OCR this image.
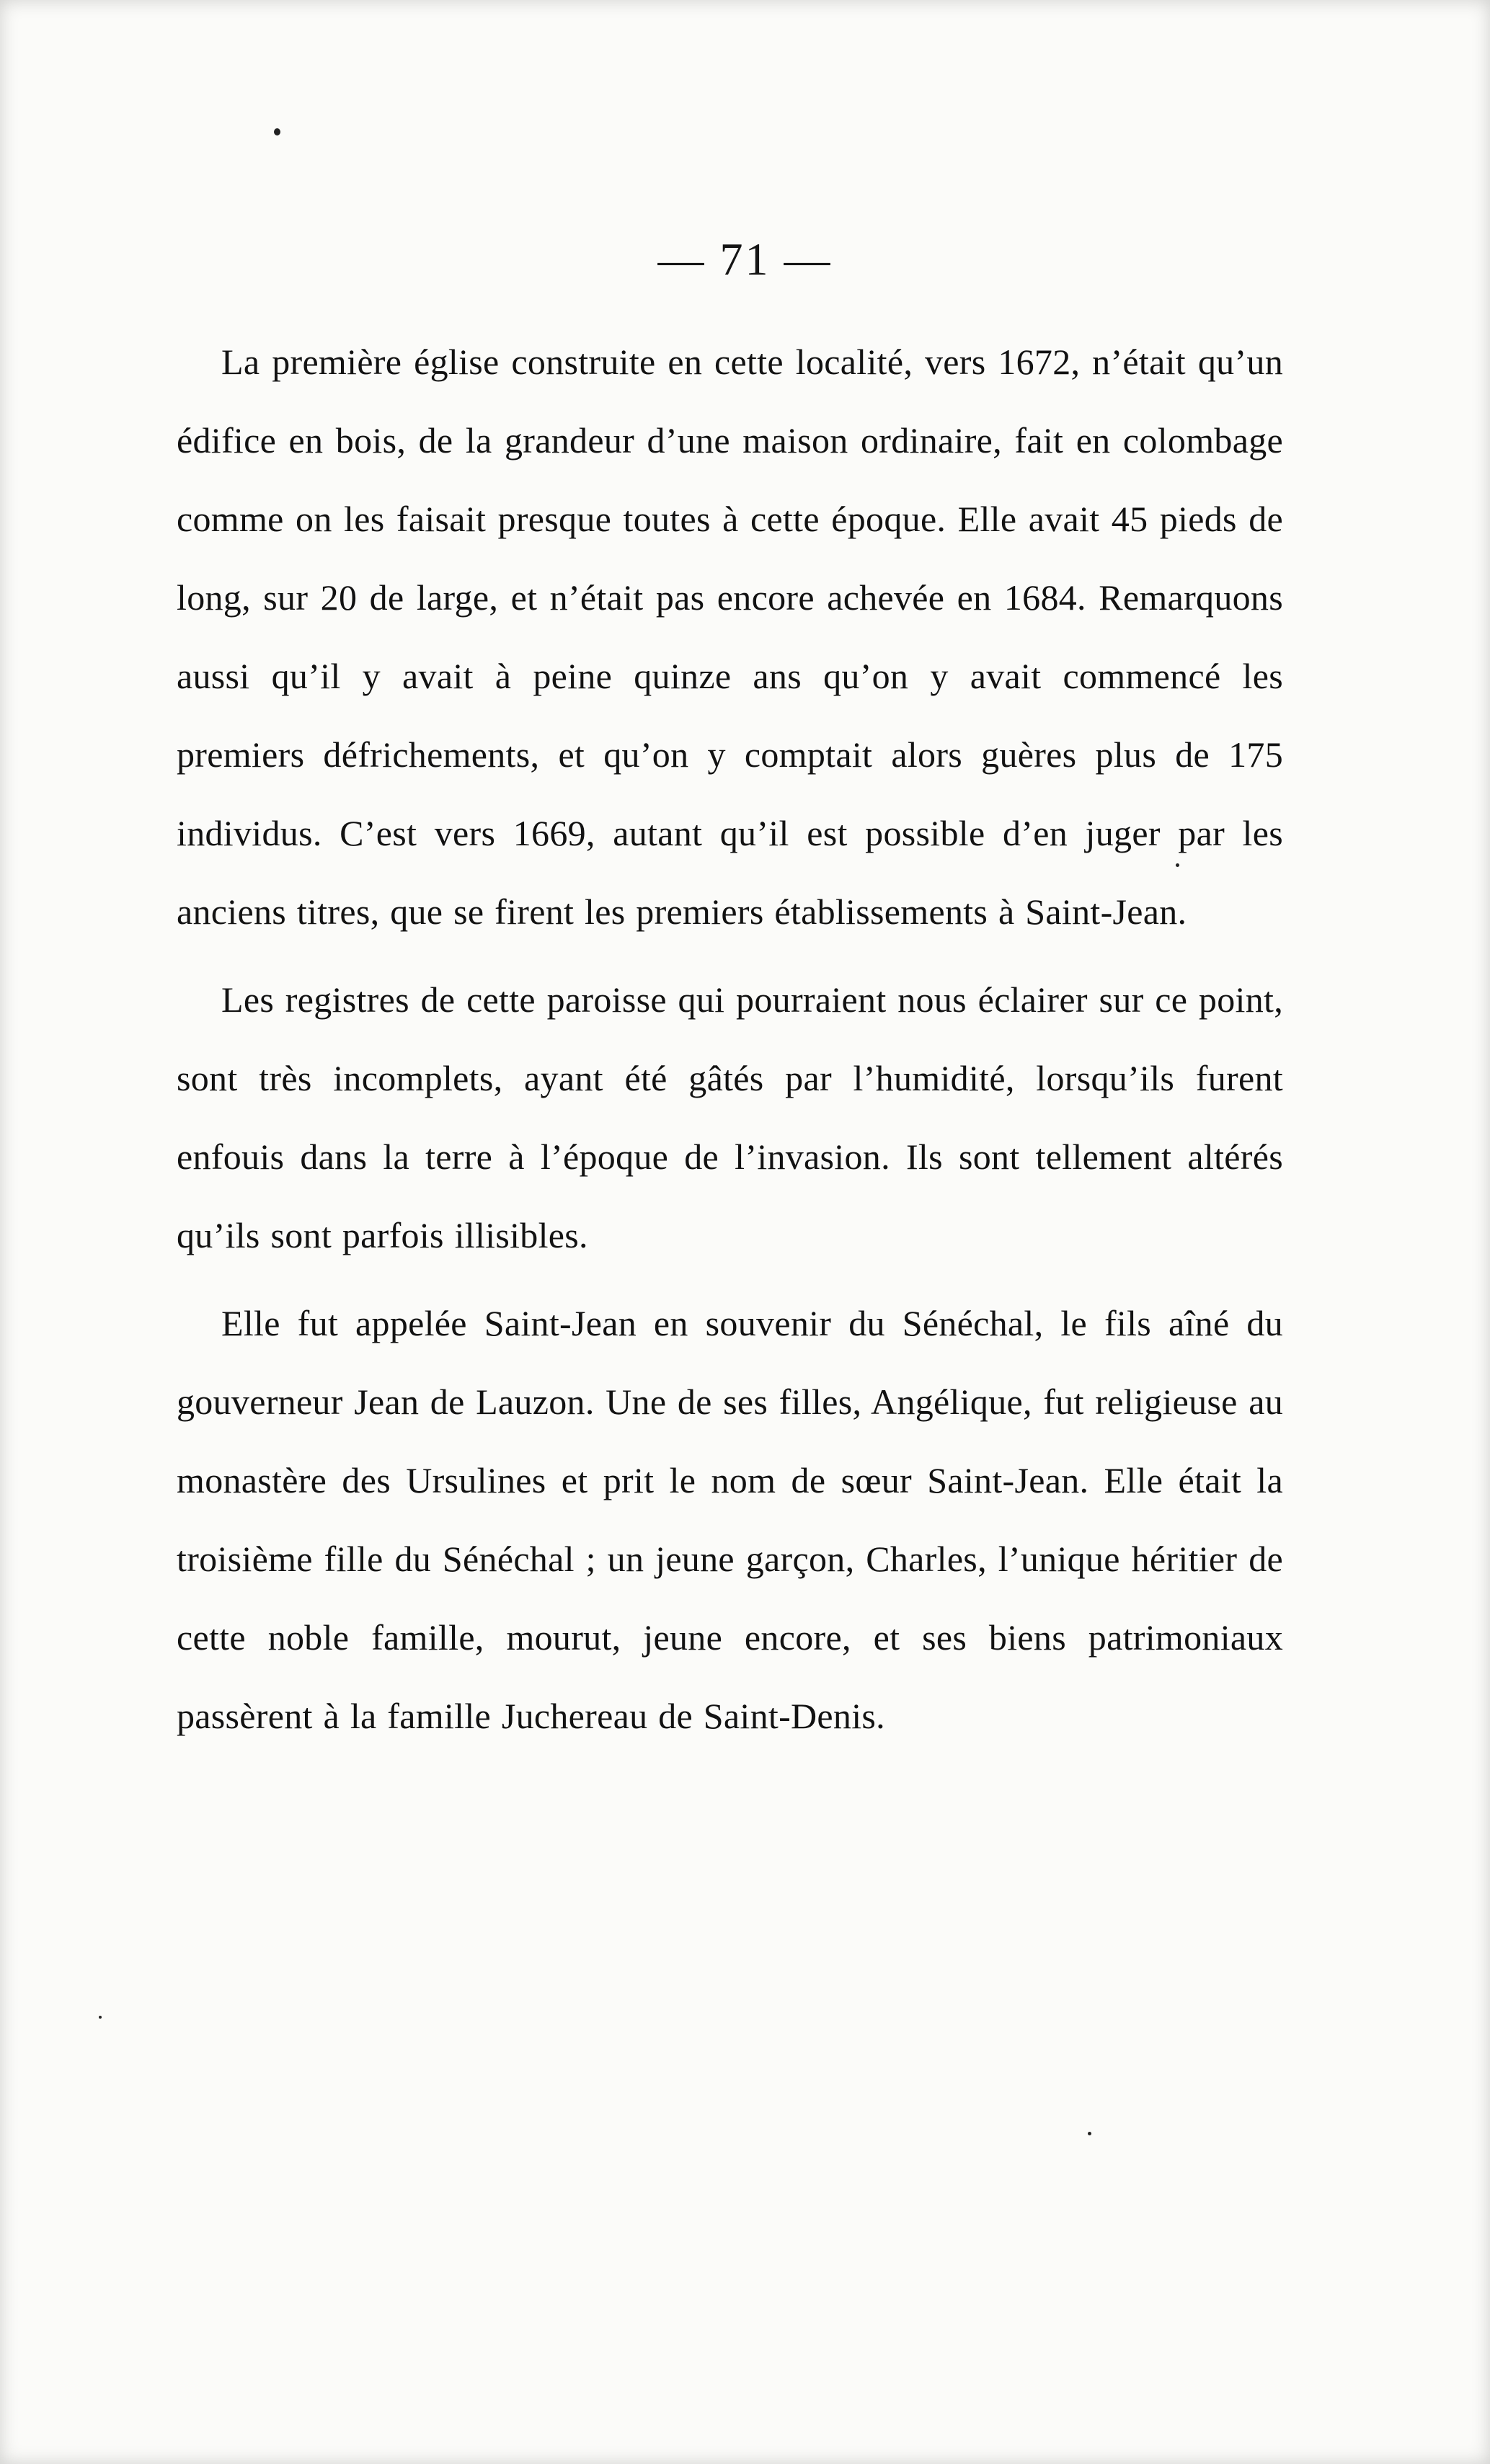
— 71 —

La première église construite en cette localité, vers 1672, n’était qu’un édifice en bois, de la grandeur d’une maison ordinaire, fait en colombage comme on les faisait presque toutes à cette époque. Elle avait 45 pieds de long, sur 20 de large, et n’était pas encore achevée en 1684. Remarquons aussi qu’il y avait à peine quinze ans qu’on y avait commencé les premiers défrichements, et qu’on y comptait alors guères plus de 175 individus. C’est vers 1669, autant qu’il est possible d’en juger par les anciens titres, que se firent les premiers établissements à Saint-Jean.

Les registres de cette paroisse qui pourraient nous éclairer sur ce point, sont très incomplets, ayant été gâtés par l’humidité, lorsqu’ils furent enfouis dans la terre à l’époque de l’invasion. Ils sont tellement altérés qu’ils sont parfois illisibles.

Elle fut appelée Saint-Jean en souvenir du Sénéchal, le fils aîné du gouverneur Jean de Lauzon. Une de ses filles, Angélique, fut religieuse au monastère des Ursulines et prit le nom de sœur Saint-Jean. Elle était la troisième fille du Sénéchal ; un jeune garçon, Charles, l’unique héritier de cette noble famille, mourut, jeune encore, et ses biens patrimoniaux passèrent à la famille Juchereau de Saint-Denis.
